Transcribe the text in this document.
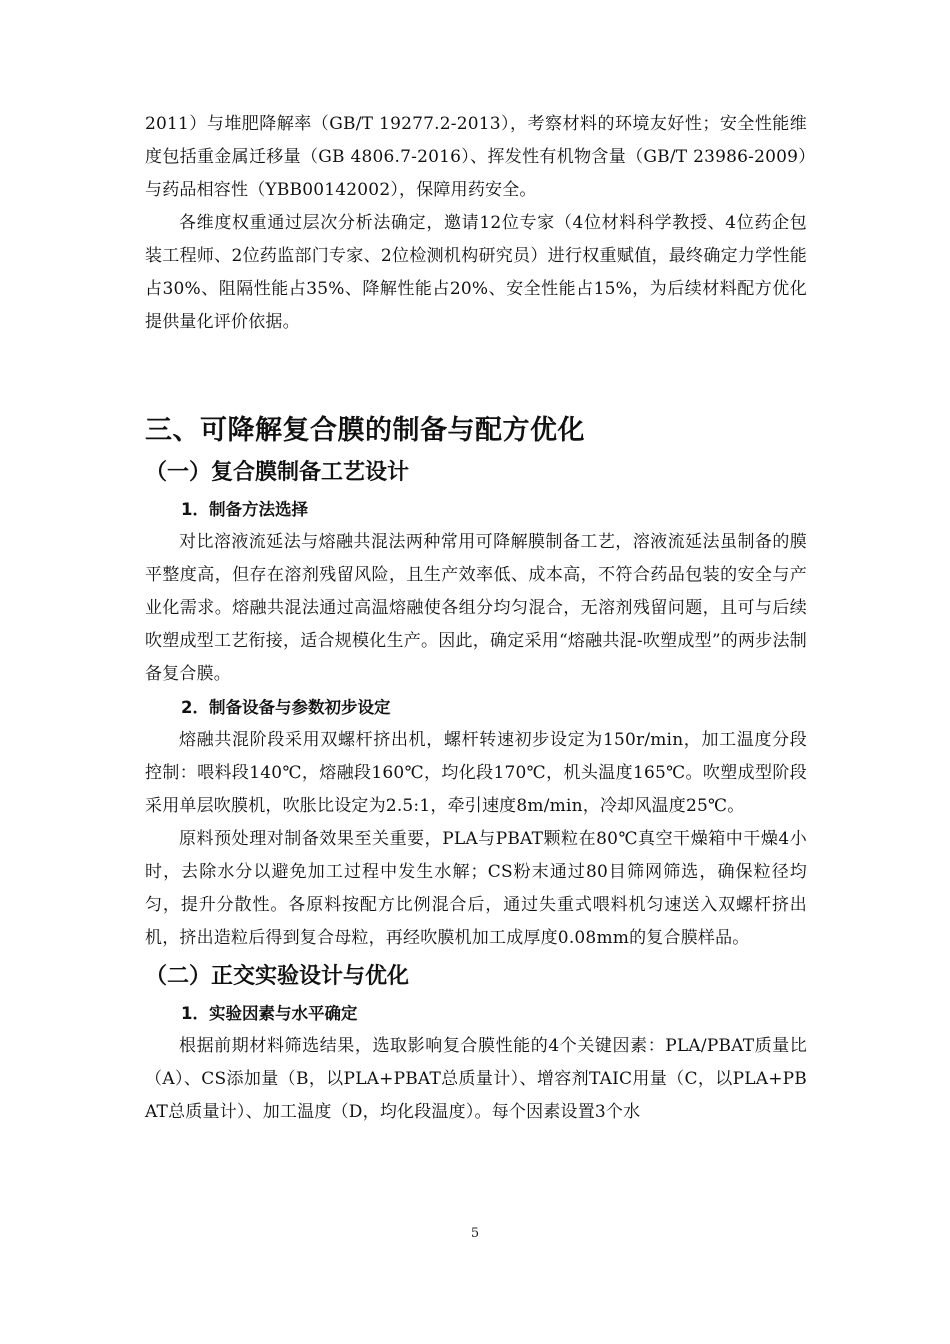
2011）与堆肥降解率（GB/T 19277.2-2013），考察材料的环境友好性；安全性能维度包括重金属迁移量（GB 4806.7-2016）、挥发性有机物含量（GB/T 23986-2009）与药品相容性（YBB00142002），保障用药安全。

各维度权重通过层次分析法确定，邀请12位专家（4位材料科学教授、4位药企包装工程师、2位药监部门专家、2位检测机构研究员）进行权重赋值，最终确定力学性能占30%、阻隔性能占35%、降解性能占20%、安全性能占15%，为后续材料配方优化提供量化评价依据。

三、可降解复合膜的制备与配方优化
（一）复合膜制备工艺设计
1．制备方法选择

对比溶液流延法与熔融共混法两种常用可降解膜制备工艺，溶液流延法虽制备的膜平整度高，但存在溶剂残留风险，且生产效率低、成本高，不符合药品包装的安全与产业化需求。熔融共混法通过高温熔融使各组分均匀混合，无溶剂残留问题，且可与后续吹塑成型工艺衔接，适合规模化生产。因此，确定采用“熔融共混-吹塑成型”的两步法制备复合膜。

2．制备设备与参数初步设定

熔融共混阶段采用双螺杆挤出机，螺杆转速初步设定为150r/min，加工温度分段控制：喂料段140℃，熔融段160℃，均化段170℃，机头温度165℃。吹塑成型阶段采用单层吹膜机，吹胀比设定为2.5:1，牵引速度8m/min，冷却风温度25℃。

原料预处理对制备效果至关重要，PLA与PBAT颗粒在80℃真空干燥箱中干燥4小时，去除水分以避免加工过程中发生水解；CS粉末通过80目筛网筛选，确保粒径均匀，提升分散性。各原料按配方比例混合后，通过失重式喂料机匀速送入双螺杆挤出机，挤出造粒后得到复合母粒，再经吹膜机加工成厚度0.08mm的复合膜样品。

（二）正交实验设计与优化
1．实验因素与水平确定

根据前期材料筛选结果，选取影响复合膜性能的4个关键因素：PLA/PBAT质量比（A）、CS添加量（B，以PLA+PBAT总质量计）、增容剂TAIC用量（C，以PLA+PBAT总质量计）、加工温度（D，均化段温度）。每个因素设置3个水

5
